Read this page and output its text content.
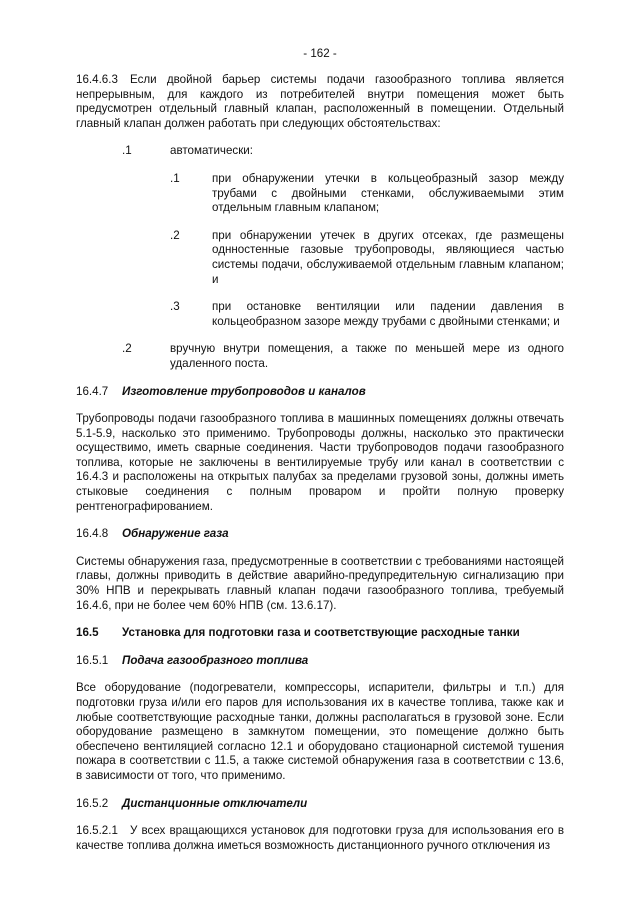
- 162 -

16.4.6.3 Если двойной барьер системы подачи газообразного топлива является непрерывным, для каждого из потребителей внутри помещения может быть предусмотрен отдельный главный клапан, расположенный в помещении. Отдельный главный клапан должен работать при следующих обстоятельствах:

.1	автоматически:

.1	при обнаружении утечки в кольцеобразный зазор между трубами с двойными стенками, обслуживаемыми этим отдельным главным клапаном;

.2	при обнаружении утечек в других отсеках, где размещены однностенные газовые трубопроводы, являющиеся частью системы подачи, обслуживаемой отдельным главным клапаном; и

.3	при остановке вентиляции или падении давления в кольцеобразном зазоре между трубами с двойными стенками; и

.2	вручную внутри помещения, а также по меньшей мере из одного удаленного поста.

16.4.7 Изготовление трубопроводов и каналов

Трубопроводы подачи газообразного топлива в машинных помещениях должны отвечать 5.1-5.9, насколько это применимо. Трубопроводы должны, насколько это практически осуществимо, иметь сварные соединения. Части трубопроводов подачи газообразного топлива, которые не заключены в вентилируемые трубу или канал в соответствии с 16.4.3 и расположены на открытых палубах за пределами грузовой зоны, должны иметь стыковые соединения с полным проваром и пройти полную проверку рентгенографированием.

16.4.8 Обнаружение газа

Системы обнаружения газа, предусмотренные в соответствии с требованиями настоящей главы, должны приводить в действие аварийно-предупредительную сигнализацию при 30% НПВ и перекрывать главный клапан подачи газообразного топлива, требуемый 16.4.6, при не более чем 60% НПВ (см. 13.6.17).

16.5 Установка для подготовки газа и соответствующие расходные танки
16.5.1 Подача газообразного топлива

Все оборудование (подогреватели, компрессоры, испарители, фильтры и т.п.) для подготовки груза и/или его паров для использования их в качестве топлива, также как и любые соответствующие расходные танки, должны располагаться в грузовой зоне. Если оборудование размещено в замкнутом помещении, это помещение должно быть обеспечено вентиляцией согласно 12.1 и оборудовано стационарной системой тушения пожара в соответствии с 11.5, а также системой обнаружения газа в соответствии с 13.6, в зависимости от того, что применимо.

16.5.2 Дистанционные отключатели

16.5.2.1 У всех вращающихся установок для подготовки груза для использования его в качестве топлива должна иметься возможность дистанционного ручного отключения из
